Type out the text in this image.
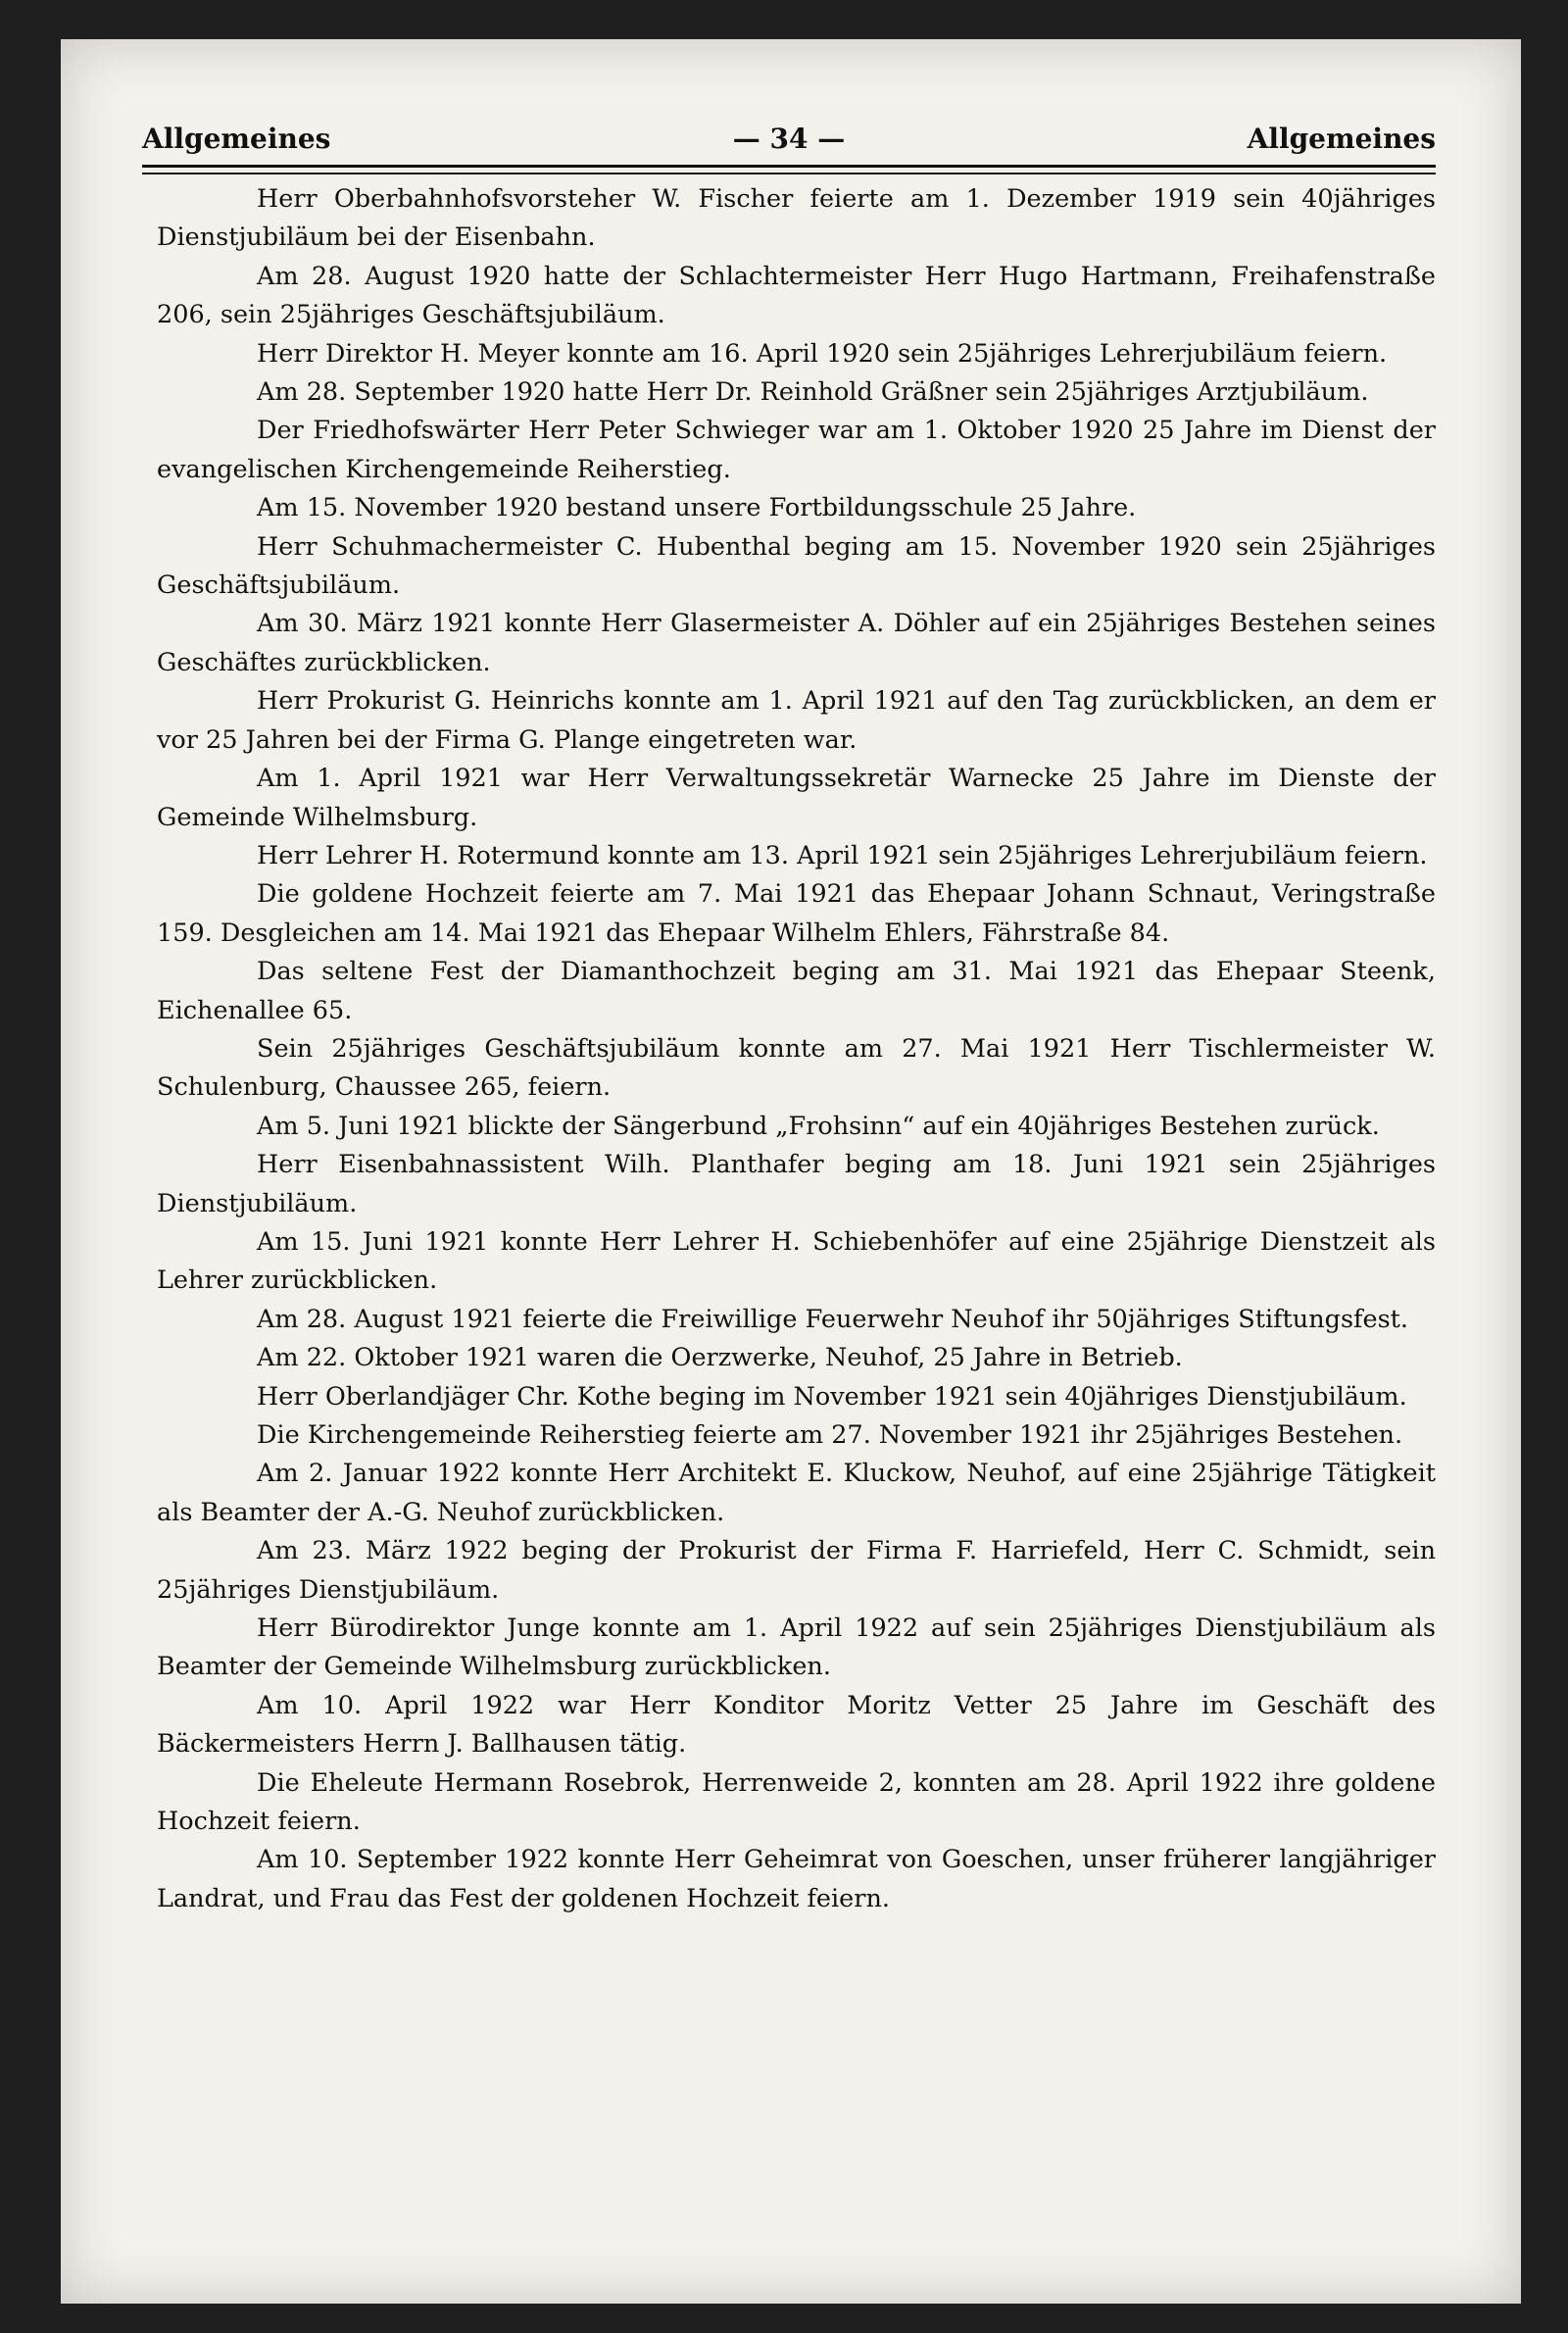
Allgemeines	— 34 —	Allgemeines

Herr Oberbahnhofsvorsteher W. Fischer feierte am 1. Dezember 1919 sein 40jähriges Dienstjubiläum bei der Eisenbahn.

Am 28. August 1920 hatte der Schlachtermeister Herr Hugo Hartmann, Freihafenstraße 206, sein 25jähriges Geschäftsjubiläum.

Herr Direktor H. Meyer konnte am 16. April 1920 sein 25jähriges Lehrerjubiläum feiern.

Am 28. September 1920 hatte Herr Dr. Reinhold Gräßner sein 25jähriges Arztjubiläum.

Der Friedhofswärter Herr Peter Schwieger war am 1. Oktober 1920 25 Jahre im Dienst der evangelischen Kirchengemeinde Reiherstieg.

Am 15. November 1920 bestand unsere Fortbildungsschule 25 Jahre.

Herr Schuhmachermeister C. Hubenthal beging am 15. November 1920 sein 25jähriges Geschäftsjubiläum.

Am 30. März 1921 konnte Herr Glasermeister A. Döhler auf ein 25jähriges Bestehen seines Geschäftes zurückblicken.

Herr Prokurist G. Heinrichs konnte am 1. April 1921 auf den Tag zurückblicken, an dem er vor 25 Jahren bei der Firma G. Plange eingetreten war.

Am 1. April 1921 war Herr Verwaltungssekretär Warnecke 25 Jahre im Dienste der Gemeinde Wilhelmsburg.

Herr Lehrer H. Rotermund konnte am 13. April 1921 sein 25jähriges Lehrerjubiläum feiern.

Die goldene Hochzeit feierte am 7. Mai 1921 das Ehepaar Johann Schnaut, Veringstraße 159. Desgleichen am 14. Mai 1921 das Ehepaar Wilhelm Ehlers, Fährstraße 84.

Das seltene Fest der Diamanthochzeit beging am 31. Mai 1921 das Ehepaar Steenk, Eichenallee 65.

Sein 25jähriges Geschäftsjubiläum konnte am 27. Mai 1921 Herr Tischlermeister W. Schulenburg, Chaussee 265, feiern.

Am 5. Juni 1921 blickte der Sängerbund „Frohsinn“ auf ein 40jähriges Bestehen zurück.

Herr Eisenbahnassistent Wilh. Planthafer beging am 18. Juni 1921 sein 25jähriges Dienstjubiläum.

Am 15. Juni 1921 konnte Herr Lehrer H. Schiebenhöfer auf eine 25jährige Dienstzeit als Lehrer zurückblicken.

Am 28. August 1921 feierte die Freiwillige Feuerwehr Neuhof ihr 50jähriges Stiftungsfest.

Am 22. Oktober 1921 waren die Oerzwerke, Neuhof, 25 Jahre in Betrieb.

Herr Oberlandjäger Chr. Kothe beging im November 1921 sein 40jähriges Dienstjubiläum.

Die Kirchengemeinde Reiherstieg feierte am 27. November 1921 ihr 25jähriges Bestehen.

Am 2. Januar 1922 konnte Herr Architekt E. Kluckow, Neuhof, auf eine 25jährige Tätigkeit als Beamter der A.-G. Neuhof zurückblicken.

Am 23. März 1922 beging der Prokurist der Firma F. Harriefeld, Herr C. Schmidt, sein 25jähriges Dienstjubiläum.

Herr Bürodirektor Junge konnte am 1. April 1922 auf sein 25jähriges Dienstjubiläum als Beamter der Gemeinde Wilhelmsburg zurückblicken.

Am 10. April 1922 war Herr Konditor Moritz Vetter 25 Jahre im Geschäft des Bäckermeisters Herrn J. Ballhausen tätig.

Die Eheleute Hermann Rosebrok, Herrenweide 2, konnten am 28. April 1922 ihre goldene Hochzeit feiern.

Am 10. September 1922 konnte Herr Geheimrat von Goeschen, unser früherer langjähriger Landrat, und Frau das Fest der goldenen Hochzeit feiern.
